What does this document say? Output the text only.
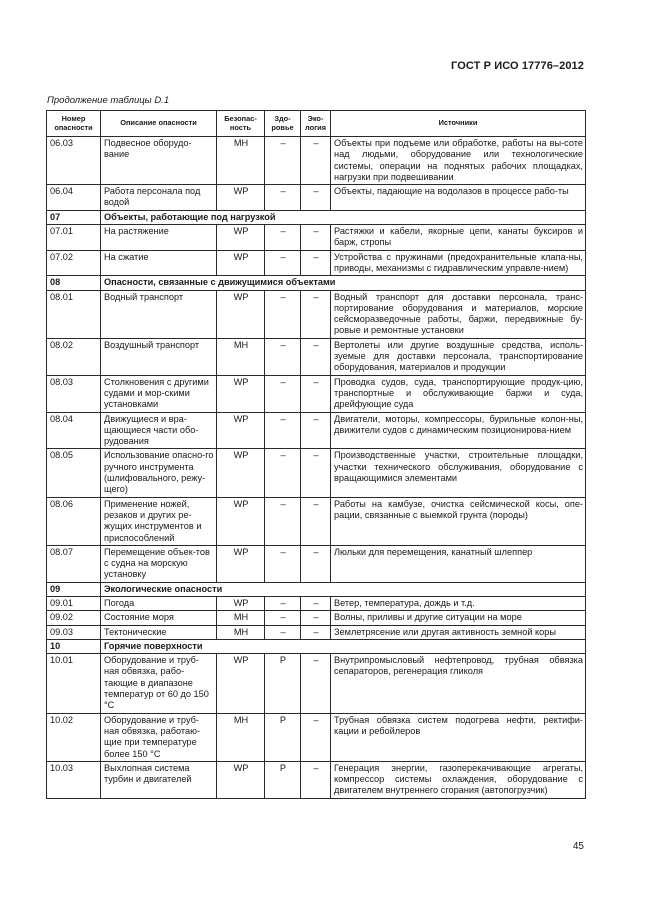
ГОСТ Р ИСО 17776–2012
Продолжение таблицы D.1
Номер опасности	Описание опасности	Безопас-ность	Здо-ровье	Эко-логия	Источники
06.03	Подвесное оборудо-вание	MH	–	–	Объекты при подъеме или обработке, работы на вы-соте над людьми, оборудование или технологические системы, операции на поднятых рабочих площадках, нагрузки при подвешивании
06.04	Работа персонала под водой	WP	–	–	Объекты, падающие на водолазов в процессе рабо-ты
07	Объекты, работающие под нагрузкой				
07.01	На растяжение	WP	–	–	Растяжки и кабели, якорные цепи, канаты буксиров и барж, стропы
07.02	На сжатие	WP	–	–	Устройства с пружинами (предохранительные клапа-ны, приводы, механизмы с гидравлическим управле-нием)
08	Опасности, связанные с движущимися объектами				
08.01	Водный транспорт	WP	–	–	Водный транспорт для доставки персонала, транс-портирование оборудования и материалов, морские сейсморазведочные работы, баржи, передвижные бу-ровые и ремонтные установки
08.02	Воздушный транспорт	MH	–	–	Вертолеты или другие воздушные средства, исполь-зуемые для доставки персонала, транспортирование оборудования, материалов и продукции
08.03	Столкновения с другими судами и мор-скими установками	WP	–	–	Проводка судов, суда, транспортирующие продук-цию, транспортные и обслуживающие баржи и суда, дрейфующие суда
08.04	Движущиеся и вра-щающиеся части обо-рудования	WP	–	–	Двигатели, моторы, компрессоры, бурильные колон-ны, движители судов с динамическим позиционирова-нием
08.05	Использование опасно-го ручного инструмента (шлифовального, режу-щего)	WP	–	–	Производственные участки, строительные площадки, участки технического обслуживания, оборудование с вращающимися элементами
08.06	Применение ножей, резаков и других ре-жущих инструментов и приспособлений	WP	–	–	Работы на камбузе, очистка сейсмической косы, опе-рации, связанные с выемкой грунта (породы)
08.07	Перемещение объек-тов с судна на морскую установку	WP	–	–	Люльки для перемещения, канатный шлеппер
09	Экологические опасности				
09.01	Погода	WP	–	–	Ветер, температура, дождь и т.д.
09.02	Состояние моря	MH	–	–	Волны, приливы и другие ситуации на море
09.03	Тектонические	MH	–	–	Землетрясение или другая активность земной коры
10	Горячие поверхности				
10.01	Оборудование и труб-ная обвязка, рабо-тающие в диапазоне температур от 60 до 150 °С	WP	P	–	Внутрипромысловый нефтепровод, трубная обвязка сепараторов, регенерация гликоля
10.02	Оборудование и труб-ная обвязка, работаю-щие при температуре более 150 °С	MH	P	–	Трубная обвязка систем подогрева нефти, ректифи-кации и ребойлеров
10.03	Выхлопная система турбин и двигателей	WP	P	–	Генерация энергии, газоперекачивающие агрегаты, компрессор системы охлаждения, оборудование с двигателем внутреннего сгорания (автопогрузчик)
45
